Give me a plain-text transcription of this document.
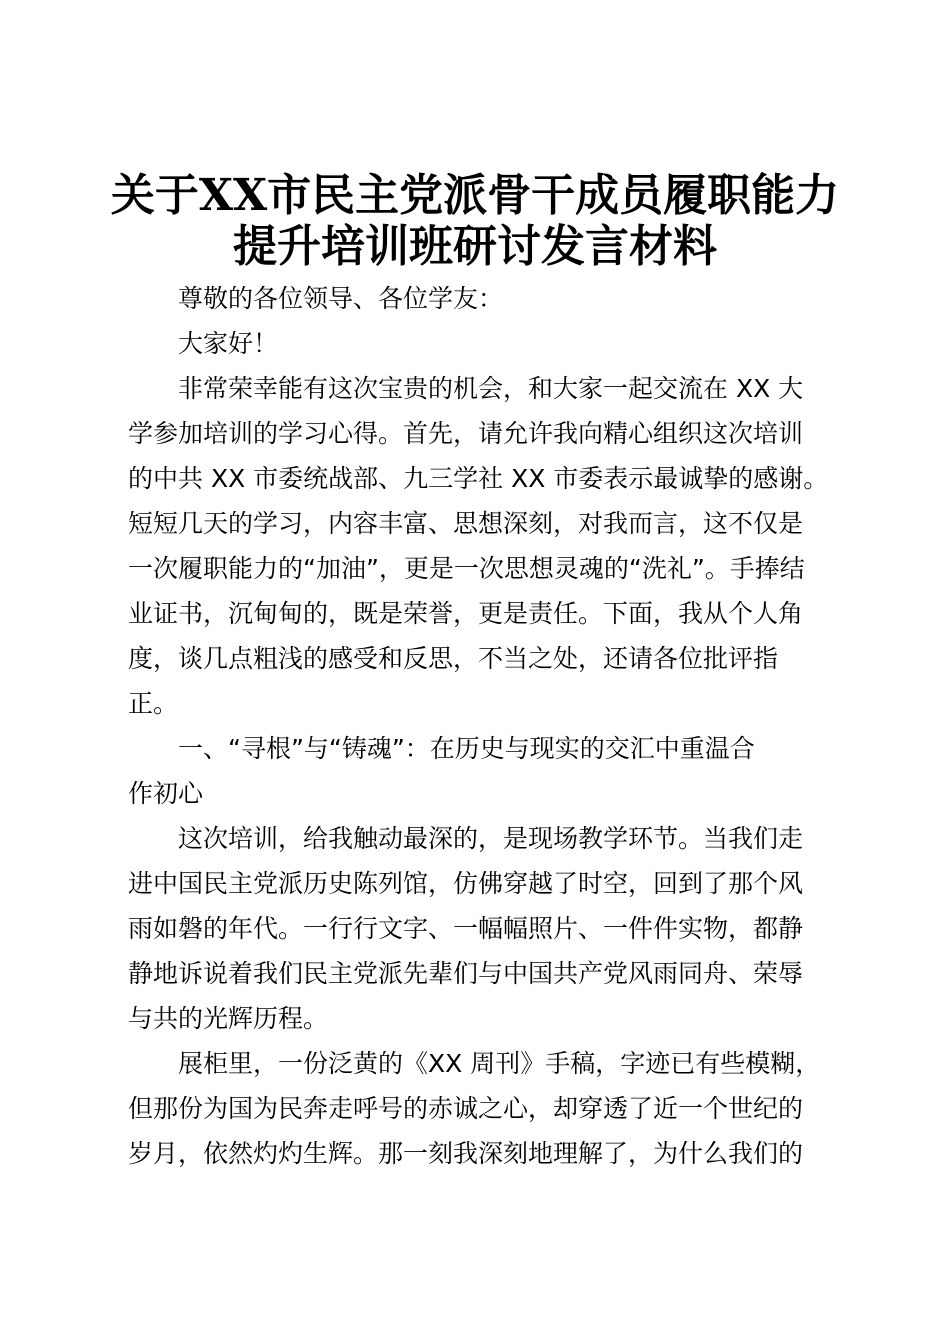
关于XX市民主党派骨干成员履职能力
提升培训班研讨发言材料
尊敬的各位领导、各位学友：
大家好！
非常荣幸能有这次宝贵的机会，和大家一起交流在 XX 大
学参加培训的学习心得。首先，请允许我向精心组织这次培训
的中共 XX 市委统战部、九三学社 XX 市委表示最诚挚的感谢。
短短几天的学习，内容丰富、思想深刻，对我而言，这不仅是
一次履职能力的“加油”，更是一次思想灵魂的“洗礼”。手捧结
业证书，沉甸甸的，既是荣誉，更是责任。下面，我从个人角
度，谈几点粗浅的感受和反思，不当之处，还请各位批评指
正。
一、“寻根”与“铸魂”：在历史与现实的交汇中重温合
作初心
这次培训，给我触动最深的，是现场教学环节。当我们走
进中国民主党派历史陈列馆，仿佛穿越了时空，回到了那个风
雨如磐的年代。一行行文字、一幅幅照片、一件件实物，都静
静地诉说着我们民主党派先辈们与中国共产党风雨同舟、荣辱
与共的光辉历程。
展柜里，一份泛黄的《XX 周刊》手稿，字迹已有些模糊，
但那份为国为民奔走呼号的赤诚之心，却穿透了近一个世纪的
岁月，依然灼灼生辉。那一刻我深刻地理解了，为什么我们的
